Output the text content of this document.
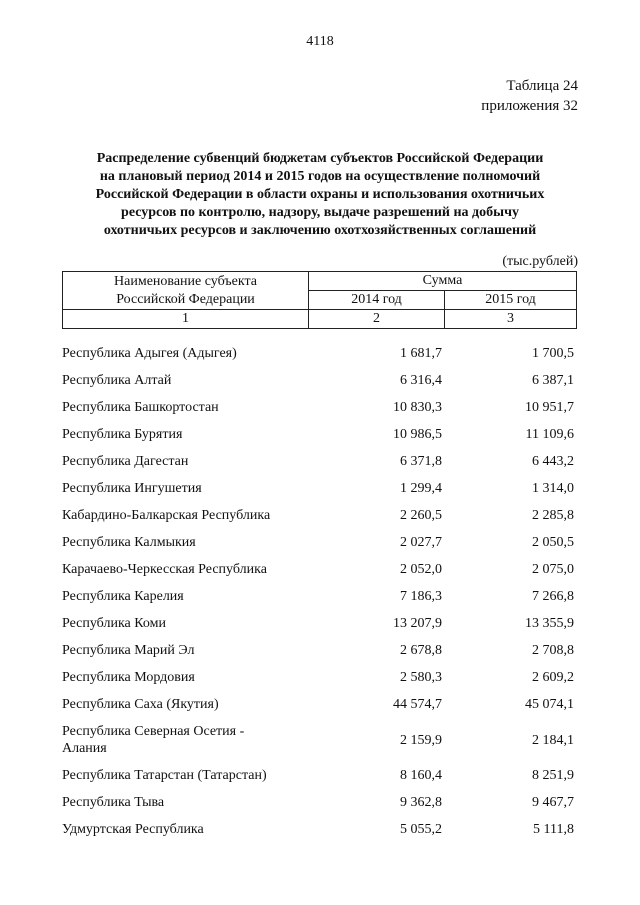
4118
Таблица 24
приложения 32
Распределение субвенций бюджетам субъектов Российской Федерации
на плановый период 2014 и 2015 годов на осуществление полномочий
Российской Федерации в области охраны и использования охотничьих
ресурсов по контролю, надзору, выдаче разрешений на добычу
охотничьих ресурсов и заключению охотхозяйственных соглашений
(тыс.рублей)
Наименование субъекта
Российской Федерации	Сумма	
	2014 год	2015 год
1	2	3
Республика Адыгея (Адыгея)	1 681,7	1 700,5
Республика Алтай	6 316,4	6 387,1
Республика Башкортостан	10 830,3	10 951,7
Республика Бурятия	10 986,5	11 109,6
Республика Дагестан	6 371,8	6 443,2
Республика Ингушетия	1 299,4	1 314,0
Кабардино-Балкарская Республика	2 260,5	2 285,8
Республика Калмыкия	2 027,7	2 050,5
Карачаево-Черкесская Республика	2 052,0	2 075,0
Республика Карелия	7 186,3	7 266,8
Республика Коми	13 207,9	13 355,9
Республика Марий Эл	2 678,8	2 708,8
Республика Мордовия	2 580,3	2 609,2
Республика Саха (Якутия)	44 574,7	45 074,1
Республика Северная Осетия -
Алания
2 159,9	2 184,1
Республика Татарстан (Татарстан)	8 160,4	8 251,9
Республика Тыва	9 362,8	9 467,7
Удмуртская Республика	5 055,2	5 111,8
